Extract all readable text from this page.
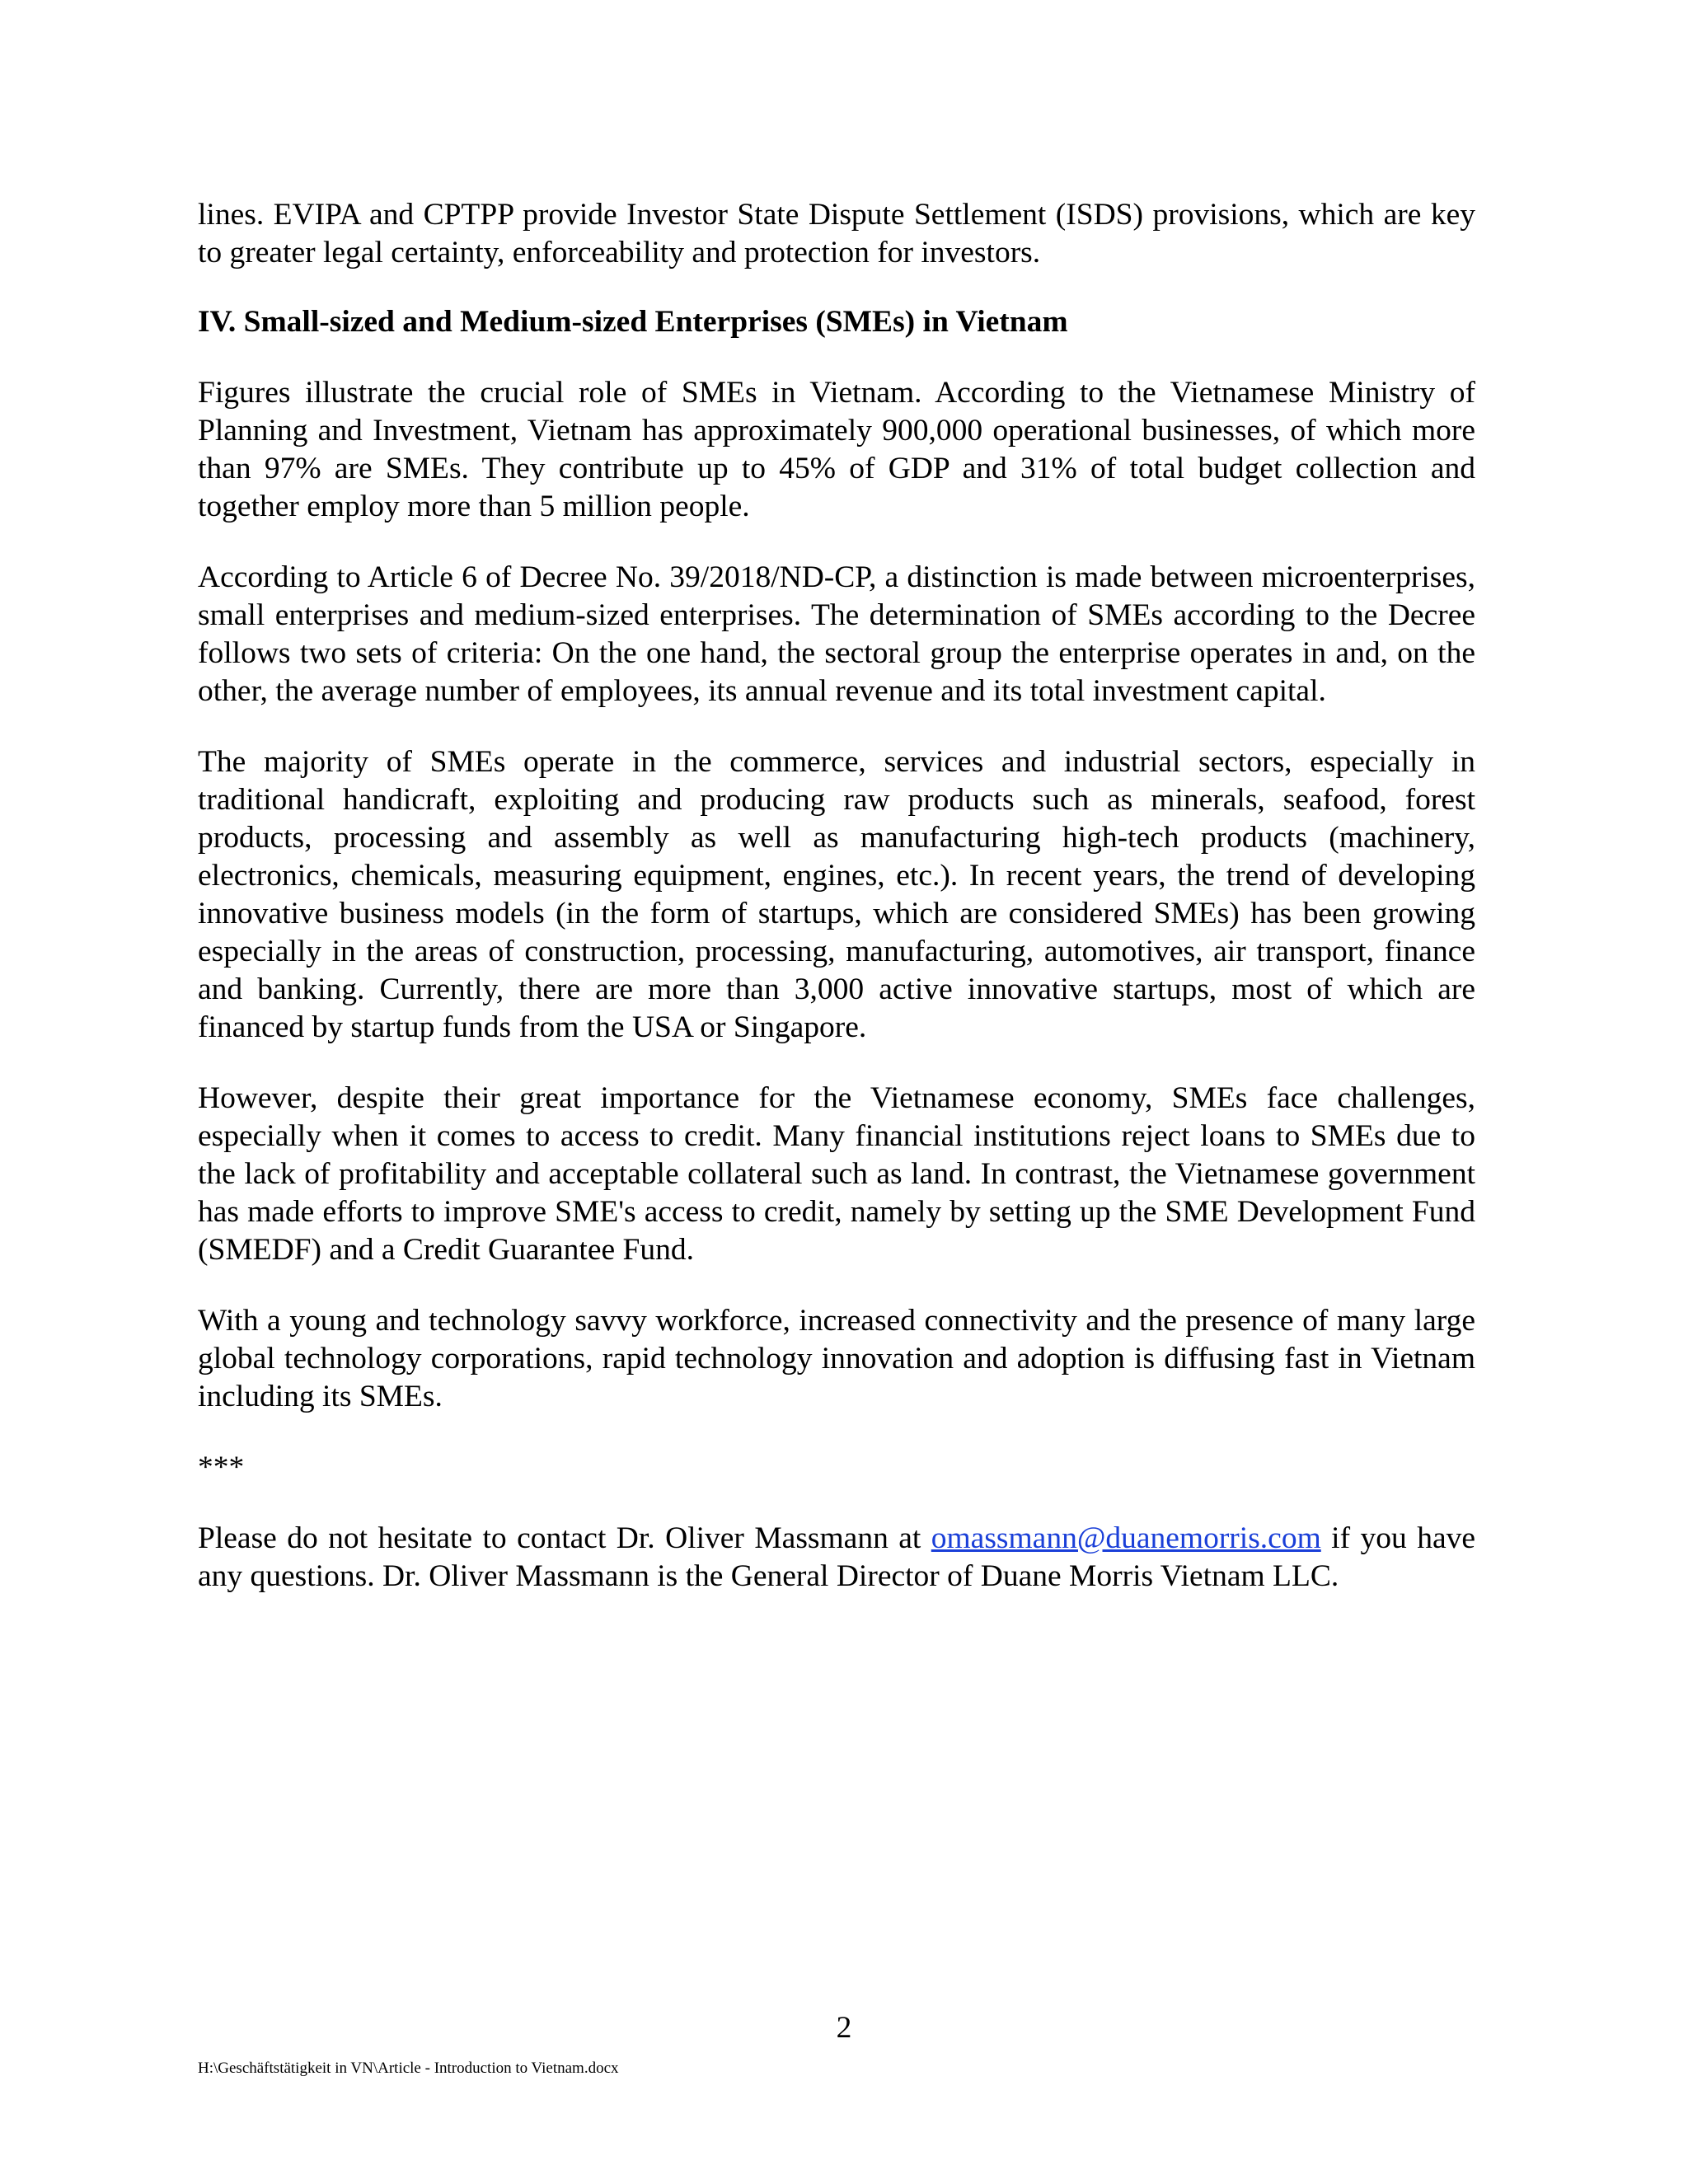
lines. EVIPA and CPTPP provide Investor State Dispute Settlement (ISDS) provisions, which are key to greater legal certainty, enforceability and protection for investors.

IV. Small-sized and Medium-sized Enterprises (SMEs) in Vietnam

Figures illustrate the crucial role of SMEs in Vietnam. According to the Vietnamese Ministry of Planning and Investment, Vietnam has approximately 900,000 operational businesses, of which more than 97% are SMEs. They contribute up to 45% of GDP and 31% of total budget collection and together employ more than 5 million people.

According to Article 6 of Decree No. 39/2018/ND-CP, a distinction is made between microenterprises, small enterprises and medium-sized enterprises. The determination of SMEs according to the Decree follows two sets of criteria: On the one hand, the sectoral group the enterprise operates in and, on the other, the average number of employees, its annual revenue and its total investment capital.

The majority of SMEs operate in the commerce, services and industrial sectors, especially in traditional handicraft, exploiting and producing raw products such as minerals, seafood, forest products, processing and assembly as well as manufacturing high-tech products (machinery, electronics, chemicals, measuring equipment, engines, etc.). In recent years, the trend of developing innovative business models (in the form of startups, which are considered SMEs) has been growing especially in the areas of construction, processing, manufacturing, automotives, air transport, finance and banking. Currently, there are more than 3,000 active innovative startups, most of which are financed by startup funds from the USA or Singapore.

However, despite their great importance for the Vietnamese economy, SMEs face challenges, especially when it comes to access to credit. Many financial institutions reject loans to SMEs due to the lack of profitability and acceptable collateral such as land. In contrast, the Vietnamese government has made efforts to improve SME's access to credit, namely by setting up the SME Development Fund (SMEDF) and a Credit Guarantee Fund.

With a young and technology savvy workforce, increased connectivity and the presence of many large global technology corporations, rapid technology innovation and adoption is diffusing fast in Vietnam including its SMEs.

***

Please do not hesitate to contact Dr. Oliver Massmann at omassmann@duanemorris.com if you have any questions. Dr. Oliver Massmann is the General Director of Duane Morris Vietnam LLC.

2
H:\Geschäftstätigkeit in VN\Article - Introduction to Vietnam.docx
